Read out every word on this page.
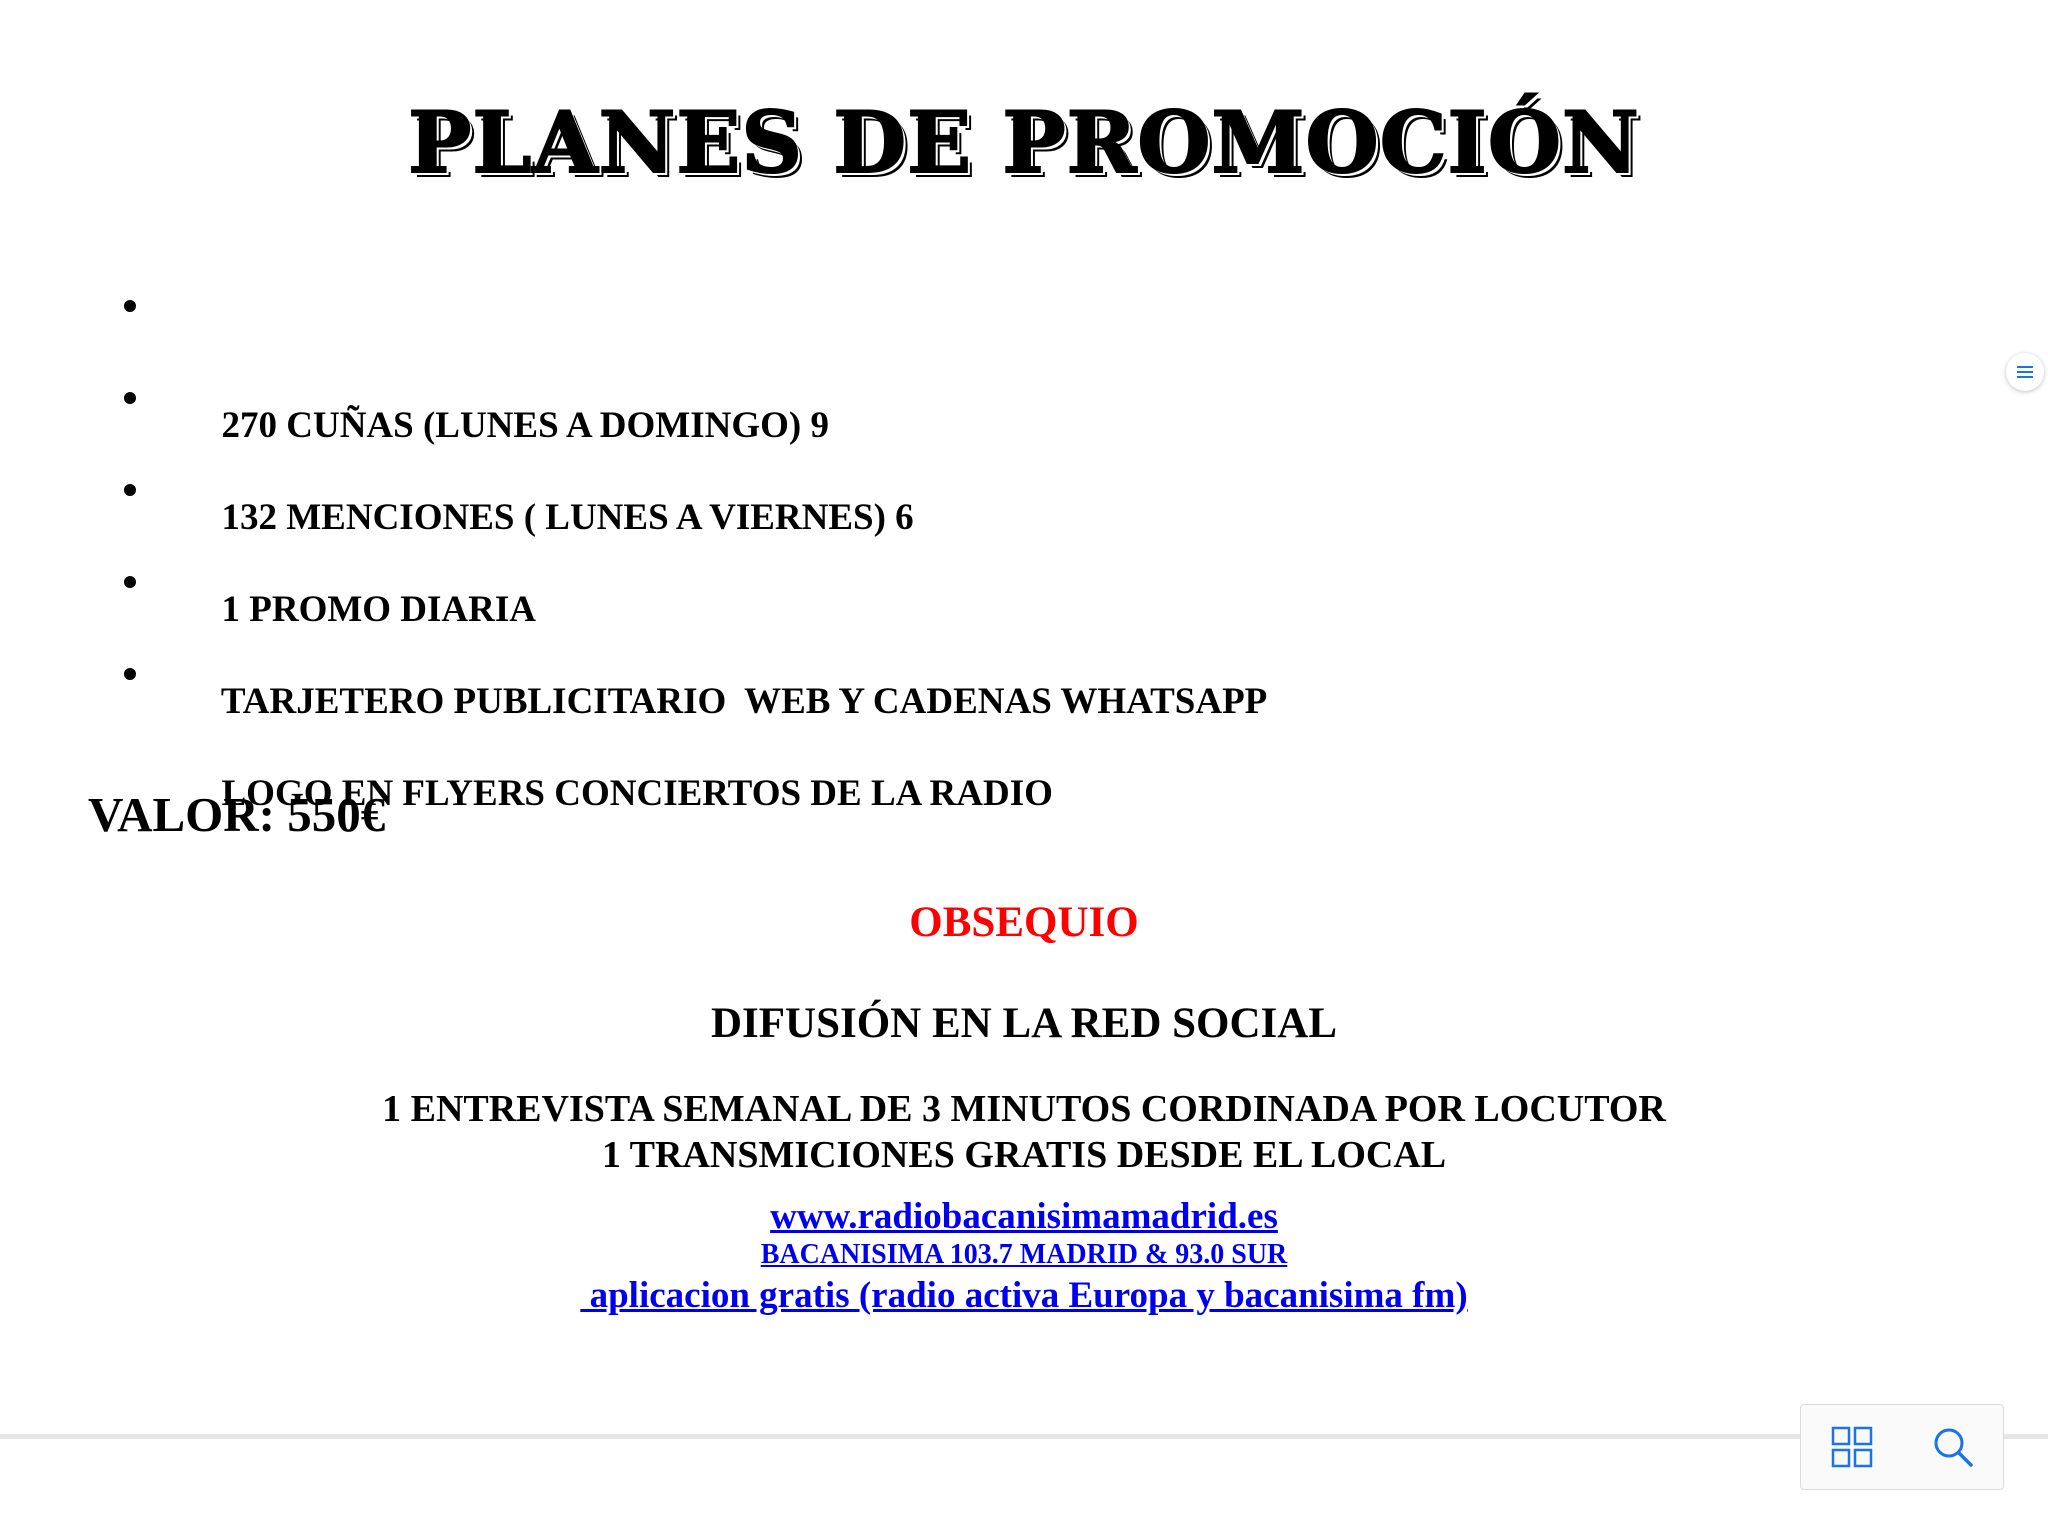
PLANES DE PROMOCIÓN

270 CUÑAS (LUNES A DOMINGO) 9

132 MENCIONES ( LUNES A VIERNES) 6

1 PROMO DIARIA

TARJETERO PUBLICITARIO  WEB Y CADENAS WHATSAPP

LOGO EN FLYERS CONCIERTOS DE LA RADIO

VALOR: 550€

OBSEQUIO

DIFUSIÓN EN LA RED SOCIAL

1 ENTREVISTA SEMANAL DE 3 MINUTOS CORDINADA POR LOCUTOR
1 TRANSMICIONES GRATIS DESDE EL LOCAL
www.radiobacanisimamadrid.es
BACANISIMA 103.7 MADRID & 93.0 SUR
aplicacion gratis (radio activa Europa y bacanisima fm)
